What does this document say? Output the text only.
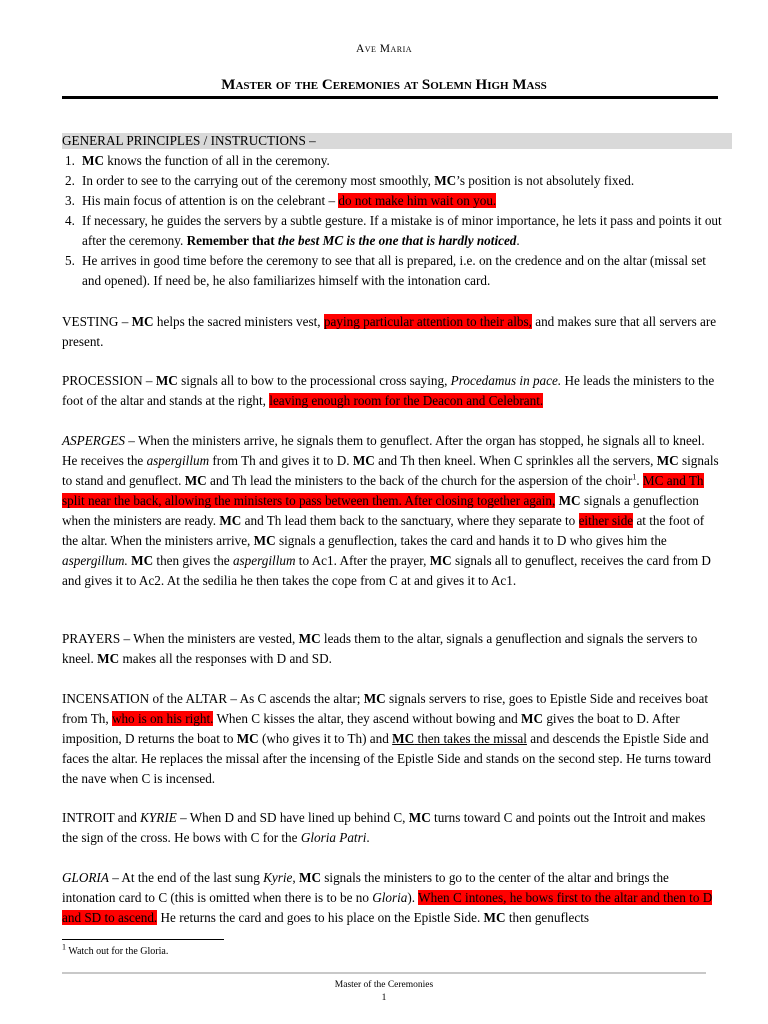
Ave Maria
Master of the Ceremonies at Solemn High Mass
GENERAL PRINCIPLES / INSTRUCTIONS –
1. MC knows the function of all in the ceremony.
2. In order to see to the carrying out of the ceremony most smoothly, MC’s position is not absolutely fixed.
3. His main focus of attention is on the celebrant – do not make him wait on you.
4. If necessary, he guides the servers by a subtle gesture. If a mistake is of minor importance, he lets it pass and points it out after the ceremony. Remember that the best MC is the one that is hardly noticed.
5. He arrives in good time before the ceremony to see that all is prepared, i.e. on the credence and on the altar (missal set and opened). If need be, he also familiarizes himself with the intonation card.
VESTING – MC helps the sacred ministers vest, paying particular attention to their albs, and makes sure that all servers are present.
PROCESSION – MC signals all to bow to the processional cross saying, Procedamus in pace. He leads the ministers to the foot of the altar and stands at the right, leaving enough room for the Deacon and Celebrant.
ASPERGES – When the ministers arrive, he signals them to genuflect. After the organ has stopped, he signals all to kneel. He receives the aspergillum from Th and gives it to D. MC and Th then kneel. When C sprinkles all the servers, MC signals to stand and genuflect. MC and Th lead the ministers to the back of the church for the aspersion of the choir$^1$. MC and Th split near the back, allowing the ministers to pass between them. After closing together again, MC signals a genuflection when the ministers are ready. MC and Th lead them back to the sanctuary, where they separate to either side at the foot of the altar. When the ministers arrive, MC signals a genuflection, takes the card and hands it to D who gives him the aspergillum. MC then gives the aspergillum to Ac1. After the prayer, MC signals all to genuflect, receives the card from D and gives it to Ac2. At the sedilia he then takes the cope from C at and gives it to Ac1.
PRAYERS – When the ministers are vested, MC leads them to the altar, signals a genuflection and signals the servers to kneel. MC makes all the responses with D and SD.
INCENSATION of the ALTAR – As C ascends the altar; MC signals servers to rise, goes to Epistle Side and receives boat from Th, who is on his right. When C kisses the altar, they ascend without bowing and MC gives the boat to D. After imposition, D returns the boat to MC (who gives it to Th) and MC then takes the missal and descends the Epistle Side and faces the altar. He replaces the missal after the incensing of the Epistle Side and stands on the second step. He turns toward the nave when C is incensed.
INTROIT and KYRIE – When D and SD have lined up behind C, MC turns toward C and points out the Introit and makes the sign of the cross. He bows with C for the Gloria Patri.
GLORIA – At the end of the last sung Kyrie, MC signals the ministers to go to the center of the altar and brings the intonation card to C (this is omitted when there is to be no Gloria). When C intones, he bows first to the altar and then to D and SD to ascend. He returns the card and goes to his place on the Epistle Side. MC then genuflects
$^1$ Watch out for the Gloria.
Master of the Ceremonies
1
